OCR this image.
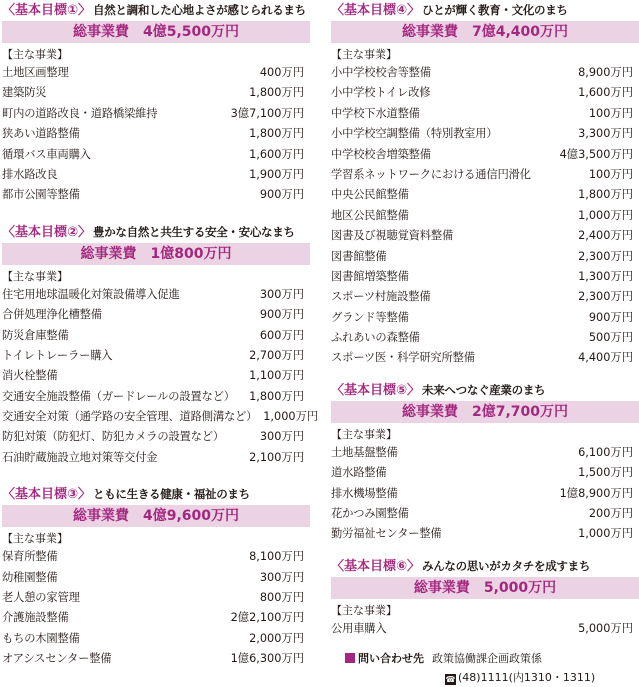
〈基本目標①〉 自然と調和した心地よさが感じられるまち
総事業費 4億5,500万円
【主な事業】
土地区画整理	400万円
建築防災	1,800万円
町内の道路改良・道路橋梁維持	3億7,100万円
狭あい道路整備	1,800万円
循環バス車両購入	1,600万円
排水路改良	1,900万円
都市公園等整備	900万円
〈基本目標②〉 豊かな自然と共生する安全・安心なまち
総事業費 1億800万円
【主な事業】
住宅用地球温暖化対策設備導入促進	300万円
合併処理浄化槽整備	900万円
防災倉庫整備	600万円
トイレトレーラー購入	2,700万円
消火栓整備	1,100万円
交通安全施設整備（ガードレールの設置など） 1,800万円
交通安全対策（通学路の安全管理、道路側溝など） 1,000万円
防犯対策（防犯灯、防犯カメラの設置など）	300万円
石油貯蔵施設立地対策等交付金	2,100万円
〈基本目標③〉 ともに生きる健康・福祉のまち
総事業費 4億9,600万円
【主な事業】
保育所整備	8,100万円
幼稚園整備	300万円
老人憩の家管理	800万円
介護施設整備	2億2,100万円
もちの木園整備	2,000万円
オアシスセンター整備	1億6,300万円
〈基本目標④〉 ひとが輝く教育・文化のまち
総事業費 7億4,400万円
【主な事業】
小中学校校舎等整備	8,900万円
小中学校トイレ改修	1,600万円
中学校下水道整備	100万円
小中学校空調整備（特別教室用）	3,300万円
中学校校舎増築整備	4億3,500万円
学習系ネットワークにおける通信円滑化	100万円
中央公民館整備	1,800万円
地区公民館整備	1,000万円
図書及び視聴覚資料整備	2,400万円
図書館整備	2,300万円
図書館増築整備	1,300万円
スポーツ村施設整備	2,300万円
グランド等整備	900万円
ふれあいの森整備	500万円
スポーツ医・科学研究所整備	4,400万円
〈基本目標⑤〉 未来へつなぐ産業のまち
総事業費 2億7,700万円
【主な事業】
土地基盤整備	6,100万円
道水路整備	1,500万円
排水機場整備	1億8,900万円
花かつみ園整備	200万円
勤労福祉センター整備	1,000万円
〈基本目標⑥〉 みんなの思いがカタチを成すまち
総事業費 5,000万円
【主な事業】
公用車購入	5,000万円
問い合わせ先 政策協働課企画政策係
☎ (48)1111(内1310・1311)
